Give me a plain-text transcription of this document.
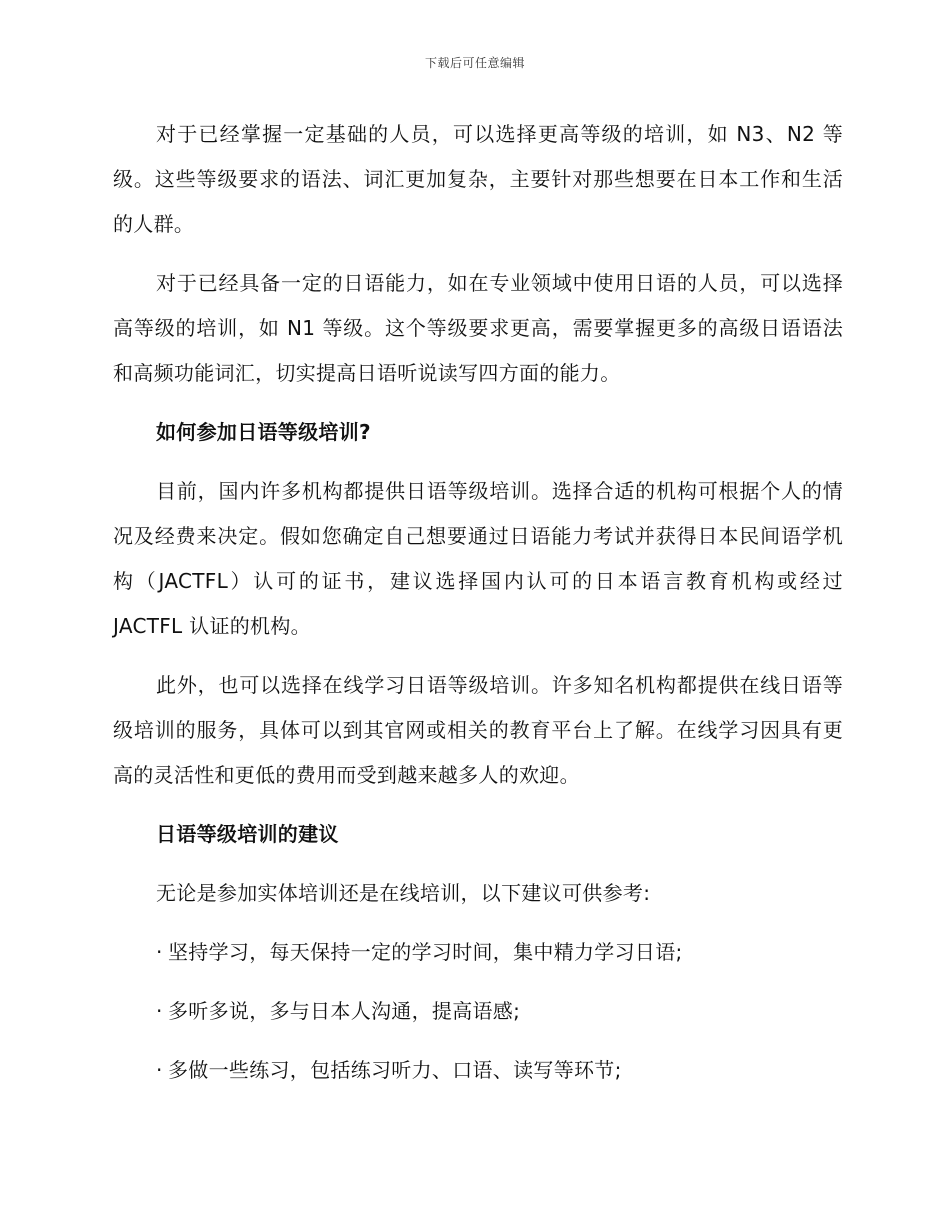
下载后可任意编辑

对于已经掌握一定基础的人员，可以选择更高等级的培训，如 N3、N2 等级。这些等级要求的语法、词汇更加复杂，主要针对那些想要在日本工作和生活的人群。

对于已经具备一定的日语能力，如在专业领域中使用日语的人员，可以选择高等级的培训，如 N1 等级。这个等级要求更高，需要掌握更多的高级日语语法和高频功能词汇，切实提高日语听说读写四方面的能力。

如何参加日语等级培训?

目前，国内许多机构都提供日语等级培训。选择合适的机构可根据个人的情况及经费来决定。假如您确定自己想要通过日语能力考试并获得日本民间语学机构（JACTFL）认可的证书，建议选择国内认可的日本语言教育机构或经过 JACTFL 认证的机构。

此外，也可以选择在线学习日语等级培训。许多知名机构都提供在线日语等级培训的服务，具体可以到其官网或相关的教育平台上了解。在线学习因具有更高的灵活性和更低的费用而受到越来越多人的欢迎。

日语等级培训的建议

无论是参加实体培训还是在线培训，以下建议可供参考:

· 坚持学习，每天保持一定的学习时间，集中精力学习日语;
· 多听多说，多与日本人沟通，提高语感;
· 多做一些练习，包括练习听力、口语、读写等环节;
